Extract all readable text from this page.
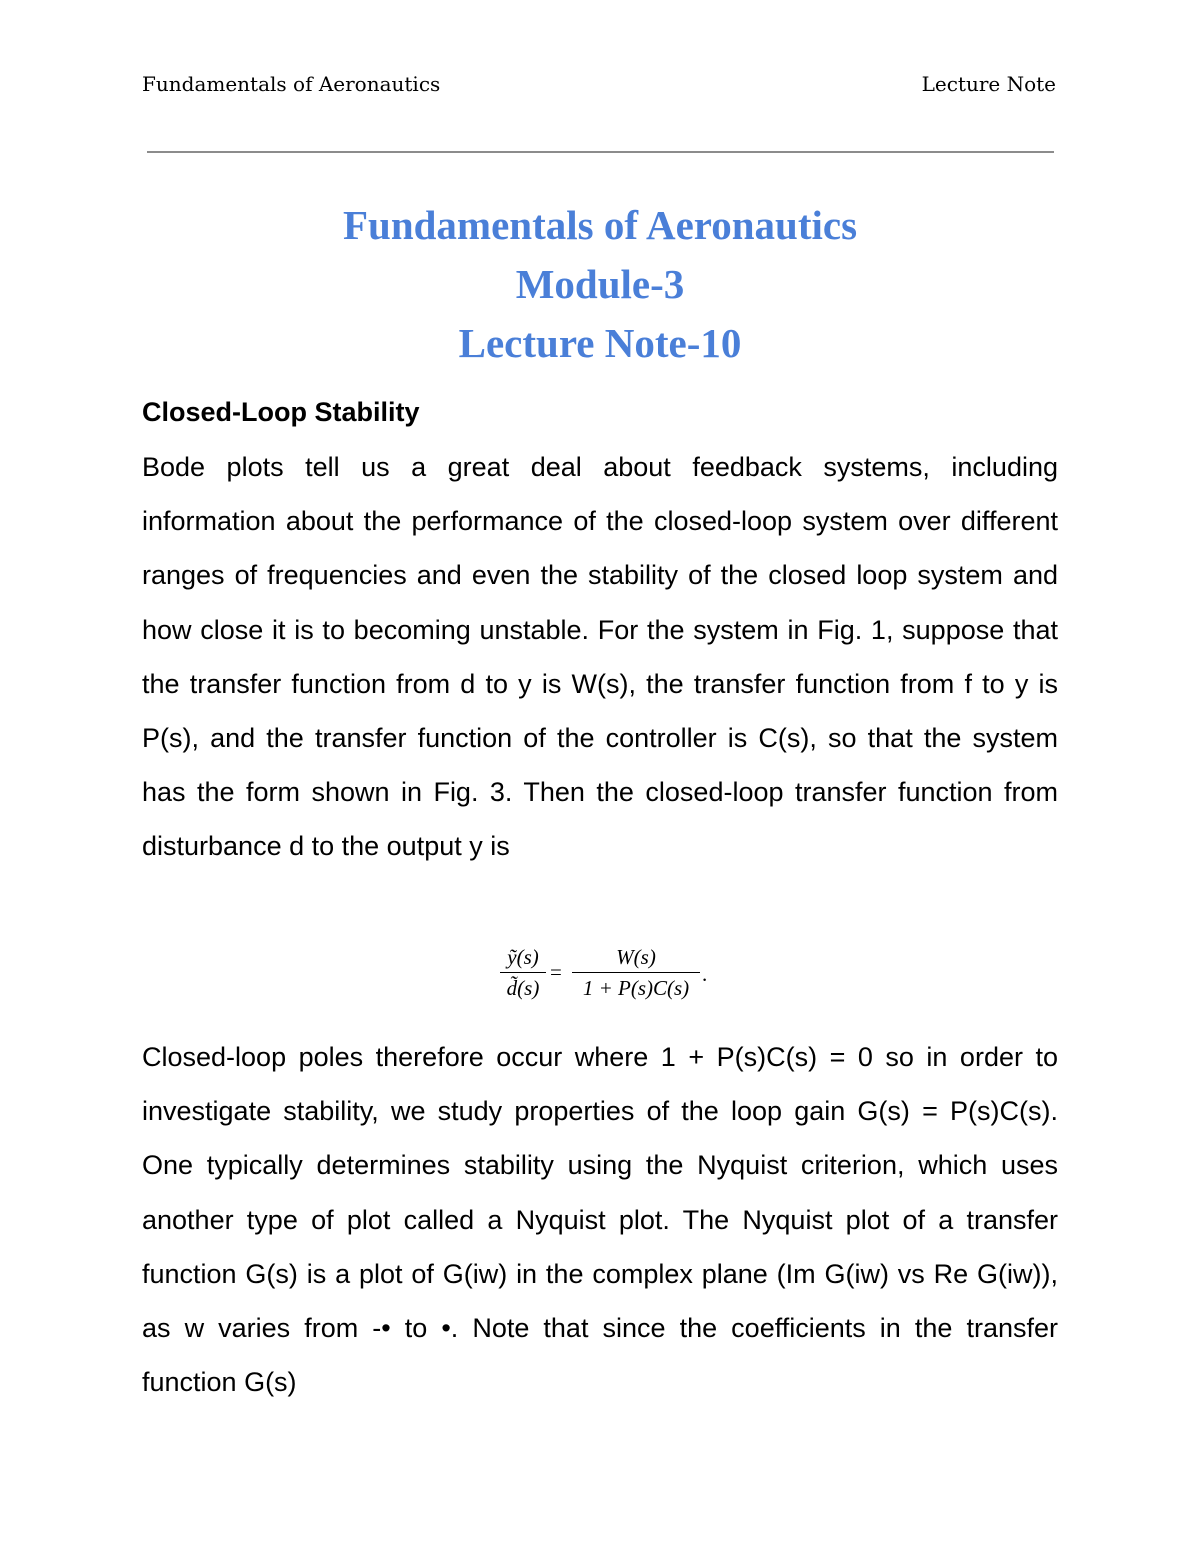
Fundamentals of Aeronautics	Lecture Note
Fundamentals of Aeronautics
Module-3
Lecture Note-10
Closed-Loop Stability

Bode plots tell us a great deal about feedback systems, including information about the performance of the closed-loop system over different ranges of frequencies and even the stability of the closed loop system and how close it is to becoming unstable. For the system in Fig. 1, suppose that the transfer function from d to y is W(s), the transfer function from f to y is P(s), and the transfer function of the controller is C(s), so that the system has the form shown in Fig. 3. Then the closed-loop transfer function from disturbance d to the output y is

ỹ(s)
d̃(s)
=
W(s)
1 + P(s)C(s)
.

Closed-loop poles therefore occur where 1 + P(s)C(s) = 0 so in order to investigate stability, we study properties of the loop gain G(s) = P(s)C(s). One typically determines stability using the Nyquist criterion, which uses another type of plot called a Nyquist plot. The Nyquist plot of a transfer function G(s) is a plot of G(iw) in the complex plane (Im G(iw) vs Re G(iw)), as w varies from -• to •. Note that since the coefficients in the transfer function G(s)
